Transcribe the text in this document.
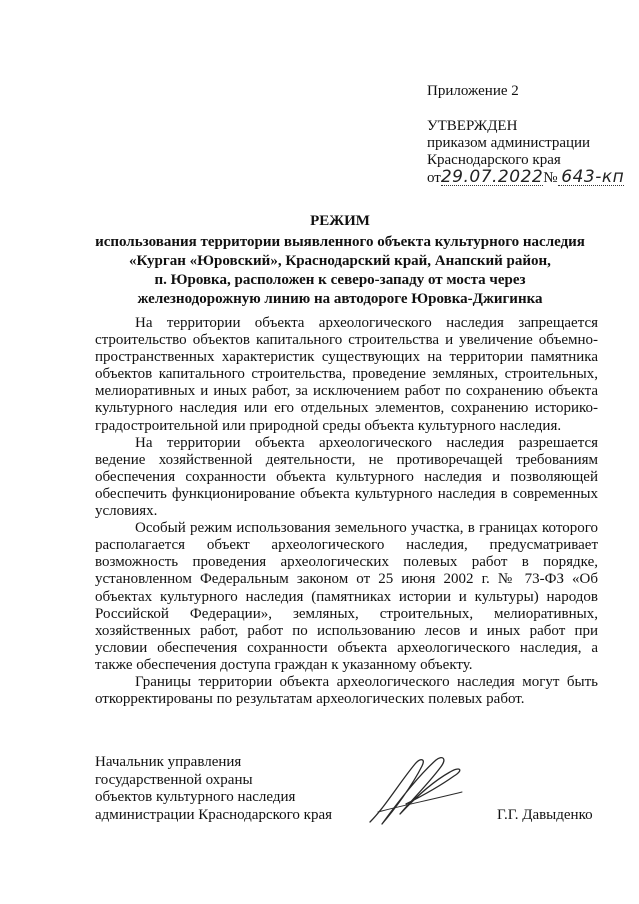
Приложение 2
УТВЕРЖДЕН
приказом администрации
Краснодарского края
от29.07.2022№ 643-кп
РЕЖИМ
использования территории выявленного объекта культурного наследия
«Курган «Юровский», Краснодарский край, Анапский район,
п. Юровка, расположен к северо-западу от моста через
железнодорожную линию на автодороге Юровка-Джигинка

На территории объекта археологического наследия запрещается строительство объектов капитального строительства и увеличение объемно-пространственных характеристик существующих на территории памятника объектов капитального строительства, проведение земляных, строительных, мелиоративных и иных работ, за исключением работ по сохранению объекта культурного наследия или его отдельных элементов, сохранению историко-градостроительной или природной среды объекта культурного наследия.

На территории объекта археологического наследия разрешается ведение хозяйственной деятельности, не противоречащей требованиям обеспечения сохранности объекта культурного наследия и позволяющей обеспечить функционирование объекта культурного наследия в современных условиях.

Особый режим использования земельного участка, в границах которого располагается объект археологического наследия, предусматривает возможность проведения археологических полевых работ в порядке, установленном Федеральным законом от 25 июня 2002 г. № 73-ФЗ «Об объектах культурного наследия (памятниках истории и культуры) народов Российской Федерации», земляных, строительных, мелиоративных, хозяйственных работ, работ по использованию лесов и иных работ при условии обеспечения сохранности объекта археологического наследия, а также обеспечения доступа граждан к указанному объекту.

Границы территории объекта археологического наследия могут быть откорректированы по результатам археологических полевых работ.

Начальник управления
государственной охраны
объектов культурного наследия
администрации Краснодарского края	Г.Г. Давыденко
